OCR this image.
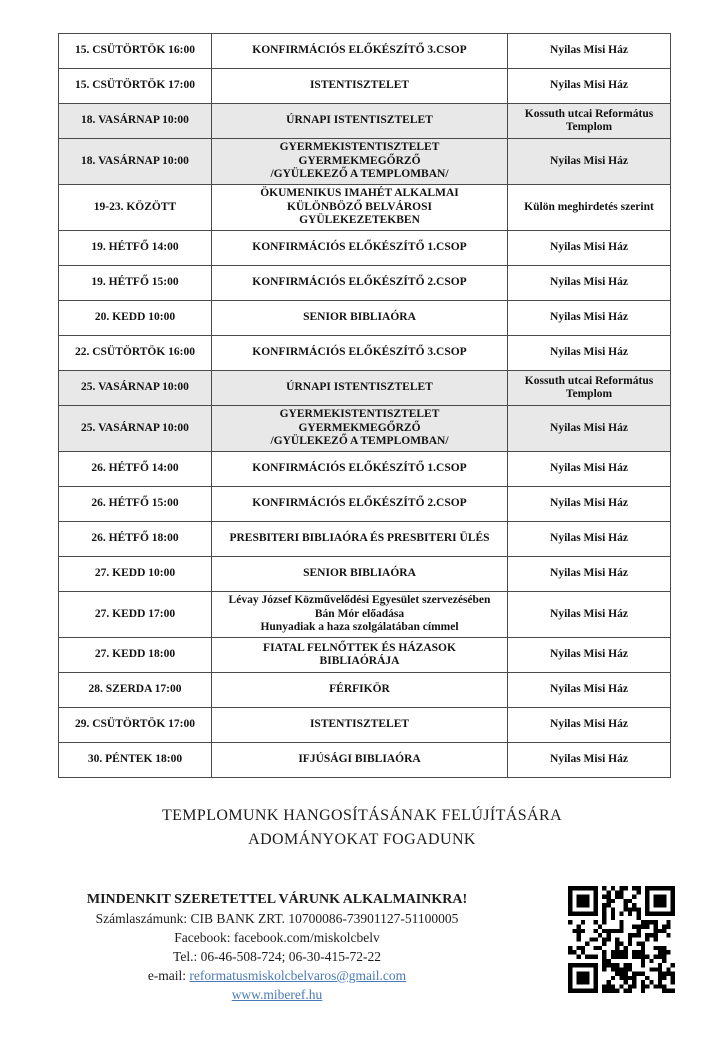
15. CSÜTÖRTÖK 16:00	KONFIRMÁCIÓS ELŐKÉSZÍTŐ 3.CSOP	Nyilas Misi Ház

15. CSÜTÖRTÖK 17:00	ISTENTISZTELET	Nyilas Misi Ház

18. VASÁRNAP 10:00	ÚRNAPI ISTENTISZTELET	Kossuth utcai Református
Templom

18. VASÁRNAP 10:00	GYERMEKISTENTISZTELET
GYERMEKMEGŐRZŐ
/GYÜLEKEZŐ A TEMPLOMBAN/	Nyilas Misi Ház

19-23. KÖZÖTT	ÖKUMENIKUS IMAHÉT ALKALMAI
KÜLÖNBÖZŐ BELVÁROSI
GYÜLEKEZETEKBEN	Külön meghirdetés szerint

19. HÉTFŐ 14:00	KONFIRMÁCIÓS ELŐKÉSZÍTŐ 1.CSOP	Nyilas Misi Ház

19. HÉTFŐ 15:00	KONFIRMÁCIÓS ELŐKÉSZÍTŐ 2.CSOP	Nyilas Misi Ház

20. KEDD 10:00	SENIOR BIBLIAÓRA	Nyilas Misi Ház

22. CSÜTÖRTÖK 16:00	KONFIRMÁCIÓS ELŐKÉSZÍTŐ 3.CSOP	Nyilas Misi Ház

25. VASÁRNAP 10:00	ÚRNAPI ISTENTISZTELET	Kossuth utcai Református
Templom

25. VASÁRNAP 10:00	GYERMEKISTENTISZTELET
GYERMEKMEGŐRZŐ
/GYÜLEKEZŐ A TEMPLOMBAN/	Nyilas Misi Ház

26. HÉTFŐ 14:00	KONFIRMÁCIÓS ELŐKÉSZÍTŐ 1.CSOP	Nyilas Misi Ház

26. HÉTFŐ 15:00	KONFIRMÁCIÓS ELŐKÉSZÍTŐ 2.CSOP	Nyilas Misi Ház

26. HÉTFŐ 18:00	PRESBITERI BIBLIAÓRA ÉS PRESBITERI ÜLÉS	Nyilas Misi Ház

27. KEDD 10:00	SENIOR BIBLIAÓRA	Nyilas Misi Ház

27. KEDD 17:00	Lévay József Közművelődési Egyesület szervezésében
Bán Mór előadása
Hunyadiak a haza szolgálatában címmel	Nyilas Misi Ház

27. KEDD 18:00	FIATAL FELNŐTTEK ÉS HÁZASOK
BIBLIAÓRÁJA	Nyilas Misi Ház

28. SZERDA 17:00	FÉRFIKÖR	Nyilas Misi Ház

29. CSÜTÖRTÖK 17:00	ISTENTISZTELET	Nyilas Misi Ház

30. PÉNTEK 18:00	IFJÚSÁGI BIBLIAÓRA	Nyilas Misi Ház
TEMPLOMUNK HANGOSÍTÁSÁNAK FELÚJÍTÁSÁRA
ADOMÁNYOKAT FOGADUNK
MINDENKIT SZERETETTEL VÁRUNK ALKALMAINKRA!
Számlaszámunk: CIB BANK ZRT. 10700086-73901127-51100005
Facebook: facebook.com/miskolcbelv
Tel.: 06-46-508-724; 06-30-415-72-22
e-mail: reformatusmiskolcbelvaros@gmail.com
www.miberef.hu
